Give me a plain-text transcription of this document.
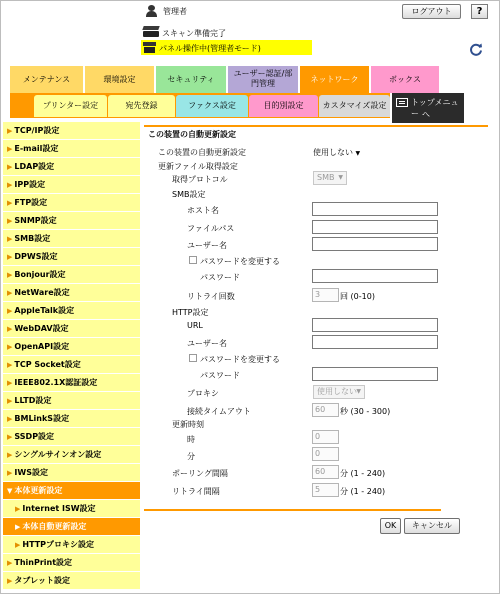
管理者	ログアウト	?
スキャン準備完了
パネル操作中(管理者モード)
メンテナンス	環境設定	セキュリティ
ユーザー認証/部
門管理	ネットワーク	ボックス
プリンター設定	宛先登録	ファクス設定	目的別設定	カスタマイズ設定	トップメニュー へ
▶ TCP/IP設定
▶ E-mail設定
▶ LDAP設定
▶ IPP設定
▶ FTP設定
▶ SNMP設定
▶ SMB設定
▶ DPWS設定
▶ Bonjour設定
▶ NetWare設定
▶ AppleTalk設定
▶ WebDAV設定
▶ OpenAPI設定
▶ TCP Socket設定
▶ IEEE802.1X認証設定
▶ LLTD設定
▶ BMLinkS設定
▶ SSDP設定
▶ シングルサインオン設定
▶ IWS設定
▼ 本体更新設定
▶ Internet ISW設定
▶ 本体自動更新設定
▶ HTTPプロキシ設定
▶ ThinPrint設定
▶ タブレット設定
この装置の自動更新設定
この装置の自動更新設定	使用しない ▼
更新ファイル取得設定
取得プロトコル	SMB ▼
SMB設定
ホスト名
ファイルパス
ユーザー名
パスワードを変更する
パスワード
リトライ回数	3	回 (0-10)
HTTP設定
URL
ユーザー名
パスワードを変更する
パスワード
プロキシ	使用しない ▼
接続タイムアウト	60	秒 (30 - 300)
更新時刻
時	0
分	0
ポーリング間隔	60	分 (1 - 240)
リトライ間隔	5	分 (1 - 240)
OK	キャンセル
